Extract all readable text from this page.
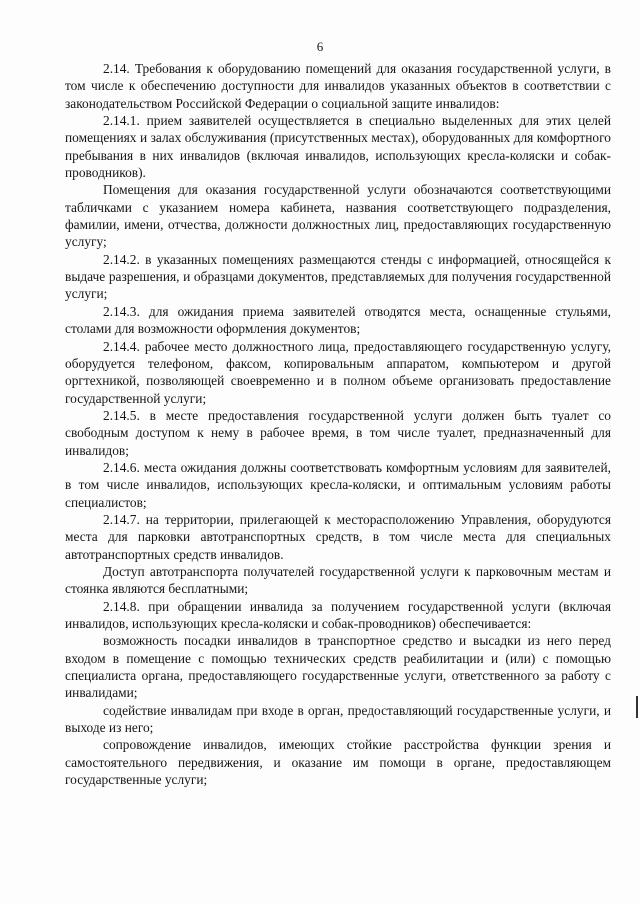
6

2.14. Требования к оборудованию помещений для оказания государственной услуги, в том числе к обеспечению доступности для инвалидов указанных объектов в соответствии с законодательством Российской Федерации о социальной защите инвалидов:

2.14.1. прием заявителей осуществляется в специально выделенных для этих целей помещениях и залах обслуживания (присутственных местах), оборудованных для комфортного пребывания в них инвалидов (включая инвалидов, использующих кресла-коляски и собак-проводников).

Помещения для оказания государственной услуги обозначаются соответствующими табличками с указанием номера кабинета, названия соответствующего подразделения, фамилии, имени, отчества, должности должностных лиц, предоставляющих государственную услугу;

2.14.2. в указанных помещениях размещаются стенды с информацией, относящейся к выдаче разрешения, и образцами документов, представляемых для получения государственной услуги;

2.14.3. для ожидания приема заявителей отводятся места, оснащенные стульями, столами для возможности оформления документов;

2.14.4. рабочее место должностного лица, предоставляющего государственную услугу, оборудуется телефоном, факсом, копировальным аппаратом, компьютером и другой оргтехникой, позволяющей своевременно и в полном объеме организовать предоставление государственной услуги;

2.14.5. в месте предоставления государственной услуги должен быть туалет со свободным доступом к нему в рабочее время, в том числе туалет, предназначенный для инвалидов;

2.14.6. места ожидания должны соответствовать комфортным условиям для заявителей, в том числе инвалидов, использующих кресла-коляски, и оптимальным условиям работы специалистов;

2.14.7. на территории, прилегающей к месторасположению Управления, оборудуются места для парковки автотранспортных средств, в том числе места для специальных автотранспортных средств инвалидов.

Доступ автотранспорта получателей государственной услуги к парковочным местам и стоянка являются бесплатными;

2.14.8. при обращении инвалида за получением государственной услуги (включая инвалидов, использующих кресла-коляски и собак-проводников) обеспечивается:

возможность посадки инвалидов в транспортное средство и высадки из него перед входом в помещение с помощью технических средств реабилитации и (или) с помощью специалиста органа, предоставляющего государственные услуги, ответственного за работу с инвалидами;

содействие инвалидам при входе в орган, предоставляющий государственные услуги, и выходе из него;

сопровождение инвалидов, имеющих стойкие расстройства функции зрения и самостоятельного передвижения, и оказание им помощи в органе, предоставляющем государственные услуги;
